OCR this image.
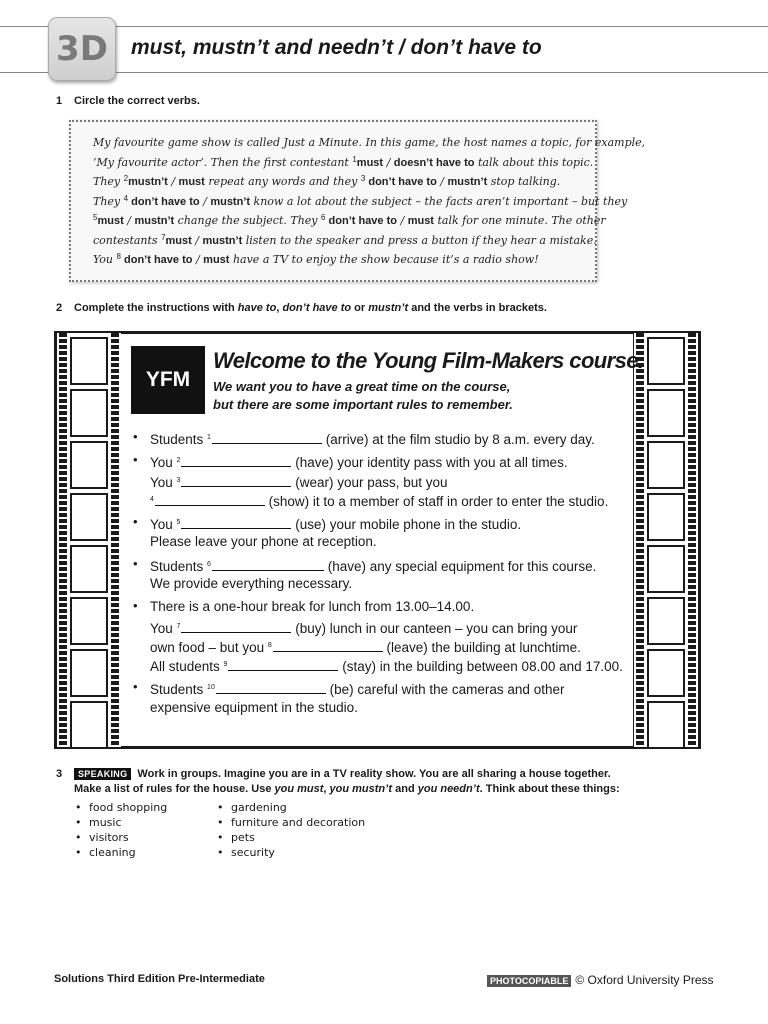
3D	must, mustn’t and needn’t / don’t have to
1 Circle the correct verbs.
My favourite game show is called Just a Minute. In this game, the host names a topic, for example,
‘My favourite actor’. Then the first contestant $^1$must / doesn’t have to talk about this topic.
They $^2$mustn’t / must repeat any words and they $^3$ don’t have to / mustn’t stop talking.
They $^4$ don’t have to / mustn’t know a lot about the subject – the facts aren’t important – but they
$^5$must / mustn’t change the subject. They $^6$ don’t have to / must talk for one minute. The other
contestants $^7$must / mustn’t listen to the speaker and press a button if they hear a mistake.
You $^8$ don’t have to / must have a TV to enjoy the show because it’s a radio show!
2 Complete the instructions with have to, don’t have to or mustn’t and the verbs in brackets.
YFM
Welcome to the Young Film-Makers course.
We want you to have a great time on the course,
but there are some important rules to remember.
• Students $^1$	(arrive) at the film studio by 8 a.m. every day.
• You $^2$	(have) your identity pass with you at all times.
You $^3$	(wear) your pass, but you
$^4$	(show) it to a member of staff in order to enter the studio.
• You $^5$	(use) your mobile phone in the studio.
Please leave your phone at reception.
• Students $^6$	(have) any special equipment for this course.
We provide everything necessary.
• There is a one-hour break for lunch from 13.00–14.00.
You $^7$	(buy) lunch in our canteen – you can bring your
own food – but you $^8$	(leave) the building at lunchtime.
All students $^9$	(stay) in the building between 08.00 and 17.00.
• Students $^{10}$	(be) careful with the cameras and other
expensive equipment in the studio.
3	SPEAKING Work in groups. Imagine you are in a TV reality show. You are all sharing a house together.
Make a list of rules for the house. Use you must, you mustn’t and you needn’t. Think about these things:
• food shopping
• music
• visitors
• cleaning
• gardening
• furniture and decoration
• pets
• security
Solutions Third Edition Pre-Intermediate	PHOTOCOPIABLE © Oxford University Press
